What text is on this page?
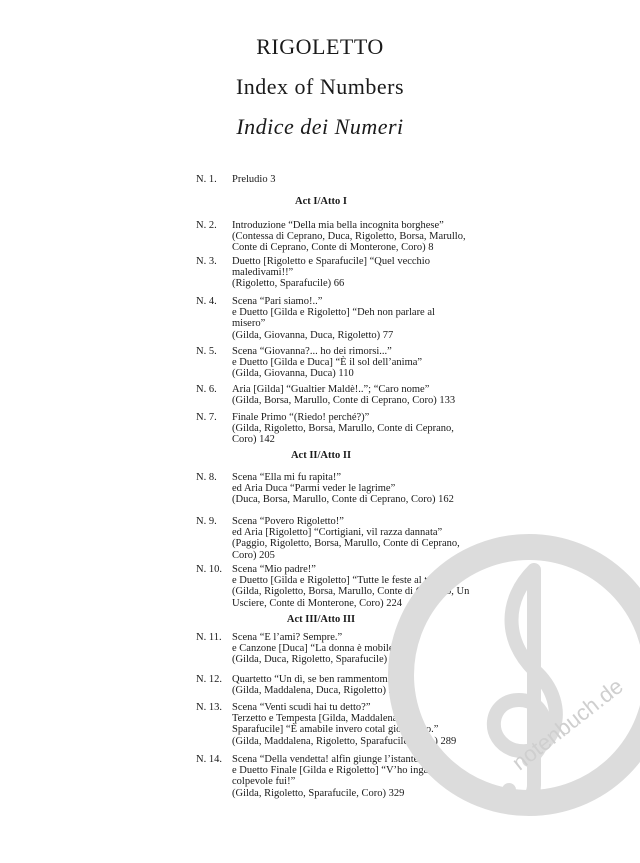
RIGOLETTO
Index of Numbers
Indice dei Numeri
Act I/Atto I
Act II/Atto II
Act III/Atto III
N. 1.	Preludio 3
N. 2.	Introduzione “Della mia bella incognita borghese”
(Contessa di Ceprano, Duca, Rigoletto, Borsa, Marullo,
Conte di Ceprano, Conte di Monterone, Coro) 8
N. 3.	Duetto [Rigoletto e Sparafucile] “Quel vecchio
maledivami!!”
(Rigoletto, Sparafucile) 66
N. 4.	Scena “Pari siamo!..”
e Duetto [Gilda e Rigoletto] “Deh non parlare al
misero”
(Gilda, Giovanna, Duca, Rigoletto) 77
N. 5.	Scena “Giovanna?... ho dei rimorsi...”
e Duetto [Gilda e Duca] “È il sol dell’anima”
(Gilda, Giovanna, Duca) 110
N. 6.	Aria [Gilda] “Gualtier Maldè!..”; “Caro nome”
(Gilda, Borsa, Marullo, Conte di Ceprano, Coro) 133
N. 7.	Finale Primo “(Riedo! perché?)”
(Gilda, Rigoletto, Borsa, Marullo, Conte di Ceprano,
Coro) 142
N. 8.	Scena “Ella mi fu rapita!”
ed Aria Duca “Parmi veder le lagrime”
(Duca, Borsa, Marullo, Conte di Ceprano, Coro) 162
N. 9.	Scena “Povero Rigoletto!”
ed Aria [Rigoletto] “Cortigiani, vil razza dannata”
(Paggio, Rigoletto, Borsa, Marullo, Conte di Ceprano,
Coro) 205
N. 10. Scena “Mio padre!”
e Duetto [Gilda e Rigoletto] “Tutte le feste al tempio”
(Gilda, Rigoletto, Borsa, Marullo, Conte di Ceprano, Un
Usciere, Conte di Monterone, Coro) 224
N. 11. Scena “E l’ami? Sempre.”
e Canzone [Duca] “La donna è mobile”
(Gilda, Duca, Rigoletto, Sparafucile) 257
N. 12. Quartetto “Un dì, se ben rammentomi”
(Gilda, Maddalena, Duca, Rigoletto) 267
N. 13. Scena “Venti scudi hai tu detto?”
Terzetto e Tempesta [Gilda, Maddalena e
Sparafucile] “È amabile invero cotal giovinotto.”
(Gilda, Maddalena, Rigoletto, Sparafucile, Coro) 289
N. 14. Scena “Della vendetta! alfin giunge l’istante!”
e Duetto Finale [Gilda e Rigoletto] “V’ho ingannato!
colpevole fui!”
(Gilda, Rigoletto, Sparafucile, Coro) 329
notenbuch.de
